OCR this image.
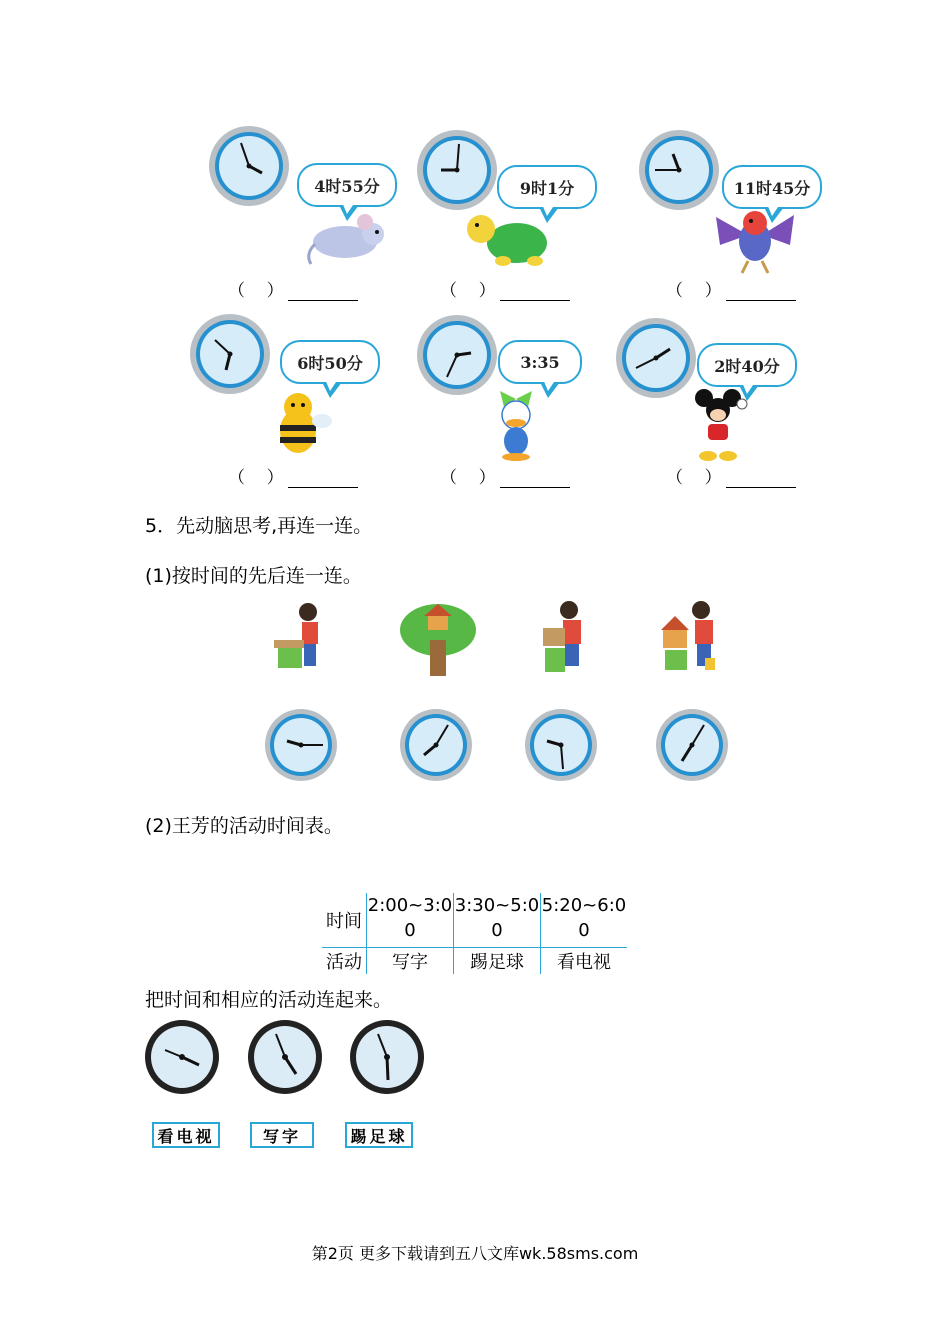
4时55分
（    ）
9时1分
（    ）
11时45分
（    ）
6时50分
（    ）
3:35
（    ）
2时40分
（    ）
5．先动脑思考,再连一连。
(1)按时间的先后连一连。
(2)王芳的活动时间表。
时间	2:00~3:00	3:30~5:00	5:20~6:00
活动	写字	踢足球	看电视
把时间和相应的活动连起来。
看电视	写字	踢足球
第2页 更多下载请到五八文库wk.58sms.com
